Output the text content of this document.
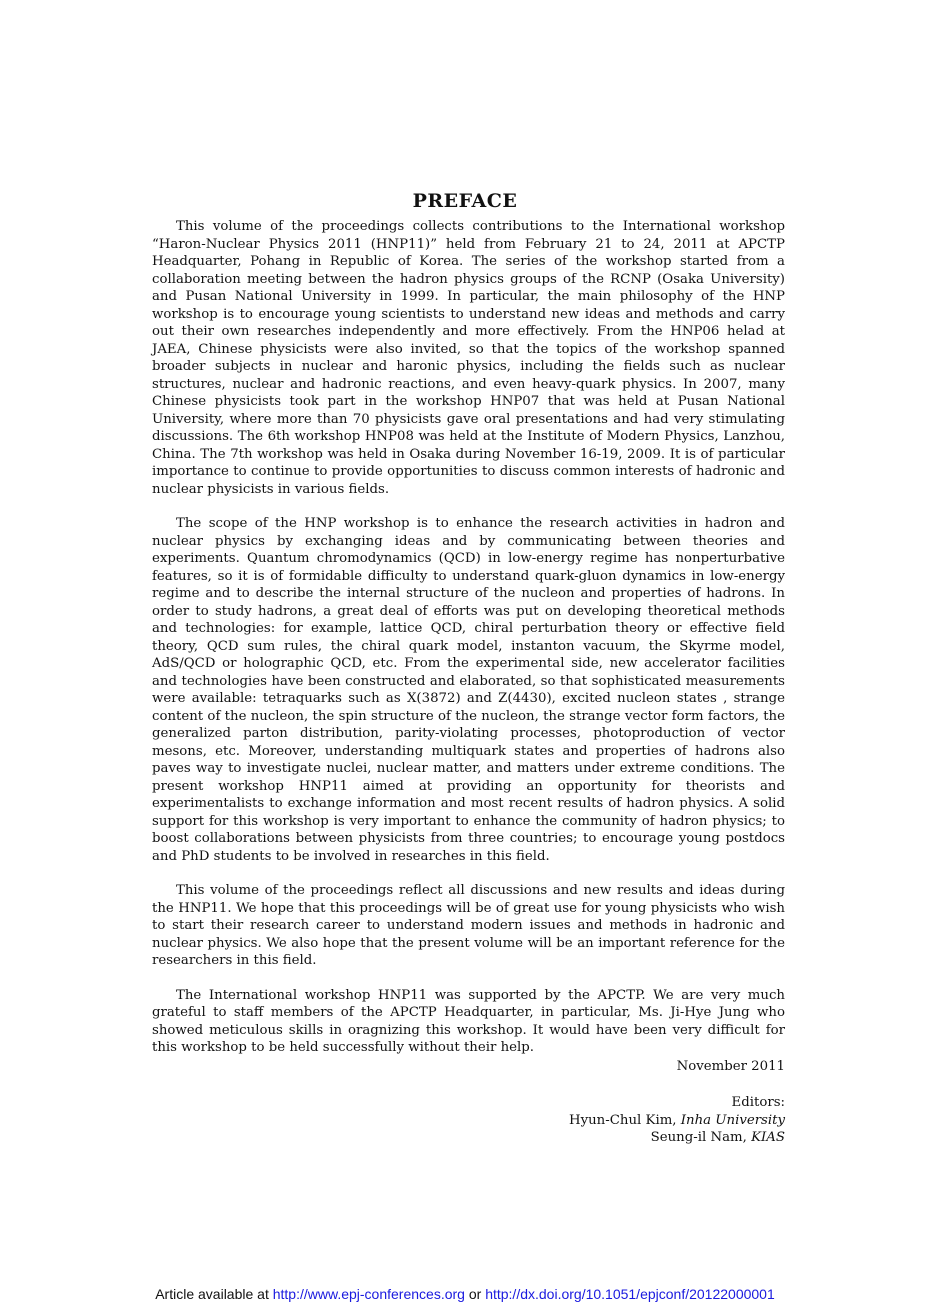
PREFACE

This volume of the proceedings collects contributions to the International workshop “Haron-Nuclear Physics 2011 (HNP11)” held from February 21 to 24, 2011 at APCTP Headquarter, Pohang in Republic of Korea. The series of the workshop started from a collaboration meeting between the hadron physics groups of the RCNP (Osaka University) and Pusan National University in 1999. In particular, the main philosophy of the HNP workshop is to encourage young scientists to understand new ideas and methods and carry out their own researches independently and more effectively. From the HNP06 helad at JAEA, Chinese physicists were also invited, so that the topics of the workshop spanned broader subjects in nuclear and haronic physics, including the fields such as nuclear structures, nuclear and hadronic reactions, and even heavy-quark physics. In 2007, many Chinese physicists took part in the workshop HNP07 that was held at Pusan National University, where more than 70 physicists gave oral presentations and had very stimulating discussions. The 6th workshop HNP08 was held at the Institute of Modern Physics, Lanzhou, China. The 7th workshop was held in Osaka during November 16-19, 2009. It is of particular importance to continue to provide opportunities to discuss common interests of hadronic and nuclear physicists in various fields.

The scope of the HNP workshop is to enhance the research activities in hadron and nuclear physics by exchanging ideas and by communicating between theories and experiments. Quantum chromodynamics (QCD) in low-energy regime has nonperturbative features, so it is of formidable difficulty to understand quark-gluon dynamics in low-energy regime and to describe the internal structure of the nucleon and properties of hadrons. In order to study hadrons, a great deal of efforts was put on developing theoretical methods and technologies: for example, lattice QCD, chiral perturbation theory or effective field theory, QCD sum rules, the chiral quark model, instanton vacuum, the Skyrme model, AdS/QCD or holographic QCD, etc. From the experimental side, new accelerator facilities and technologies have been constructed and elaborated, so that sophisticated measurements were available: tetraquarks such as X(3872) and Z(4430), excited nucleon states , strange content of the nucleon, the spin structure of the nucleon, the strange vector form factors, the generalized parton distribution, parity-violating processes, photoproduction of vector mesons, etc. Moreover, understanding multiquark states and properties of hadrons also paves way to investigate nuclei, nuclear matter, and matters under extreme conditions. The present workshop HNP11 aimed at providing an opportunity for theorists and experimentalists to exchange information and most recent results of hadron physics. A solid support for this workshop is very important to enhance the community of hadron physics; to boost collaborations between physicists from three countries; to encourage young postdocs and PhD students to be involved in researches in this field.

This volume of the proceedings reflect all discussions and new results and ideas during the HNP11. We hope that this proceedings will be of great use for young physicists who wish to start their research career to understand modern issues and methods in hadronic and nuclear physics. We also hope that the present volume will be an important reference for the researchers in this field.

The International workshop HNP11 was supported by the APCTP. We are very much grateful to staff members of the APCTP Headquarter, in particular, Ms. Ji-Hye Jung who showed meticulous skills in oragnizing this workshop. It would have been very difficult for this workshop to be held successfully without their help.

November 2011
Editors:
Hyun-Chul Kim, Inha University
Seung-il Nam, KIAS
Article available at http://www.epj-conferences.org or http://dx.doi.org/10.1051/epjconf/20122000001
